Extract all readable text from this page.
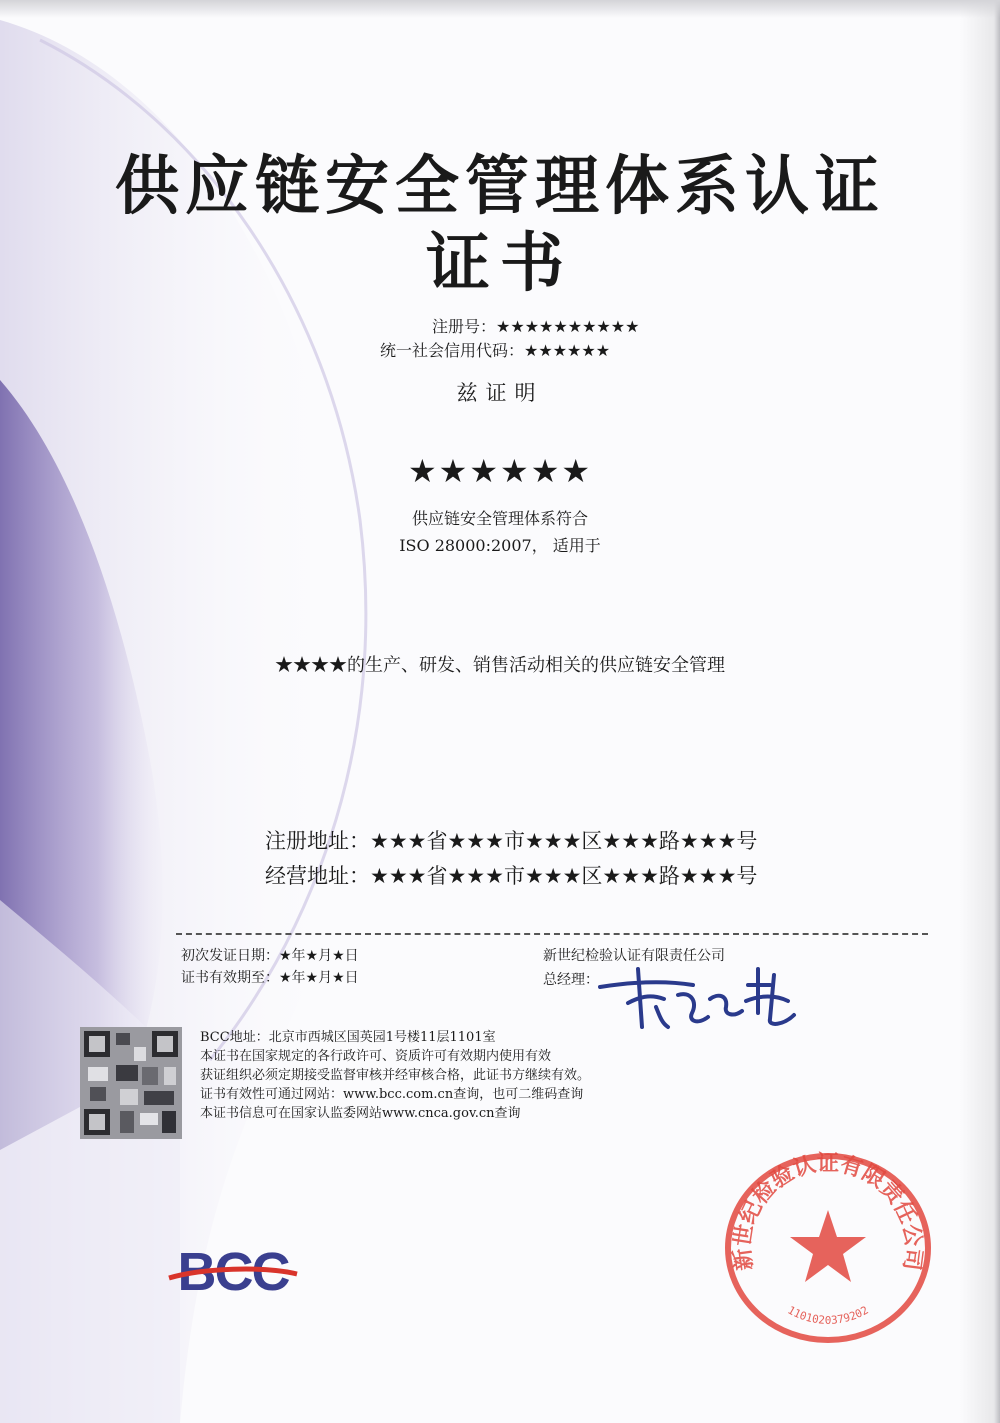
供应链安全管理体系认证
证书
注册号：★★★★★★★★★★
统一社会信用代码：★★★★★★
兹证明
★★★★★★
供应链安全管理体系符合
ISO 28000:2007， 适用于
★★★★的生产、研发、销售活动相关的供应链安全管理
注册地址：★★★省★★★市★★★区★★★路★★★号
经营地址：★★★省★★★市★★★区★★★路★★★号
初次发证日期：★年★月★日
证书有效期至：★年★月★日
新世纪检验认证有限责任公司
总经理：
BCC地址：北京市西城区国英园1号楼11层1101室
本证书在国家规定的各行政许可、资质许可有效期内使用有效
获证组织必须定期接受监督审核并经审核合格，此证书方继续有效。
证书有效性可通过网站：www.bcc.com.cn查询，也可二维码查询
本证书信息可在国家认监委网站www.cnca.gov.cn查询
BCC	新世纪检验认证有限责任公司
1101020379202
